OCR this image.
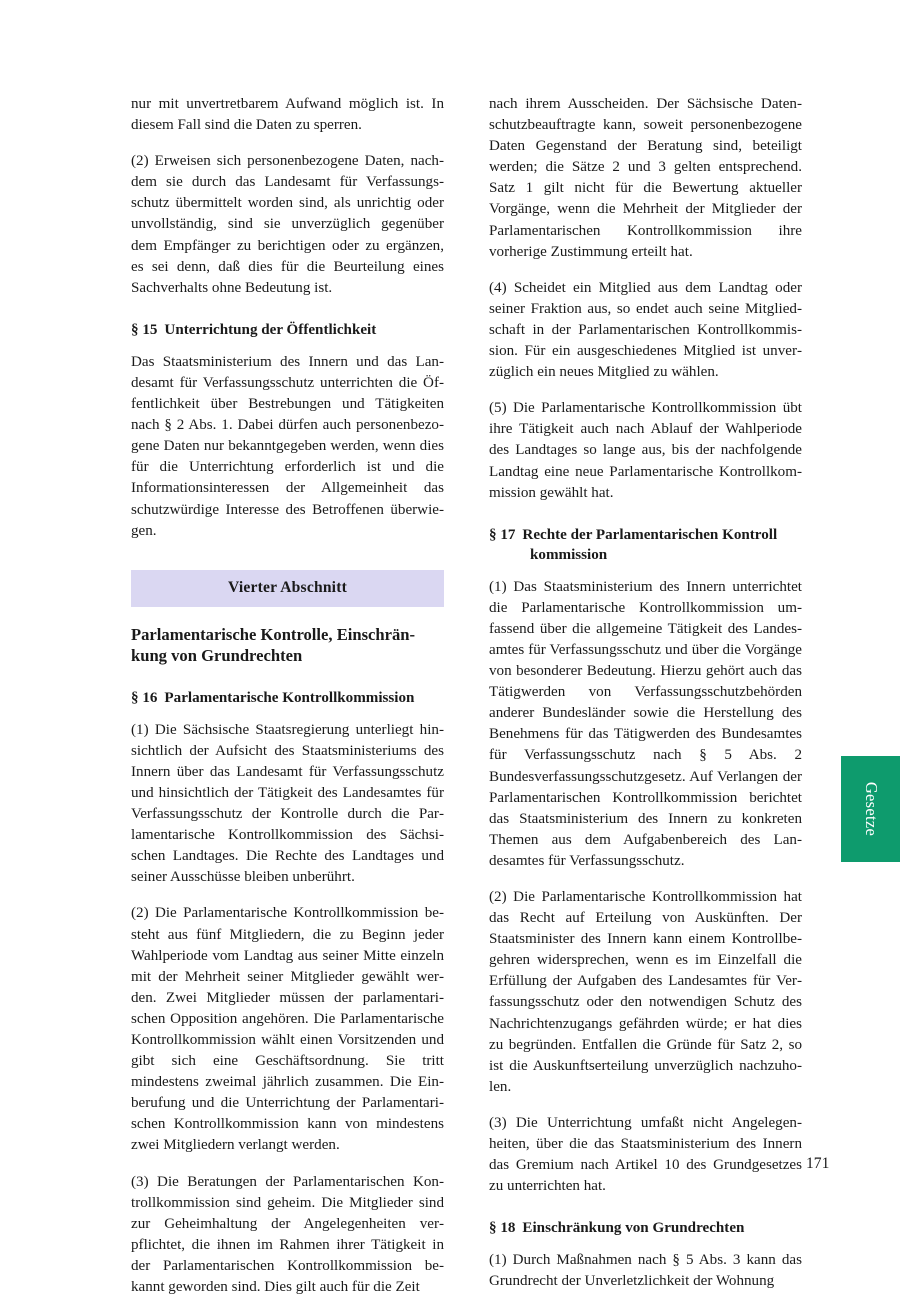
nur mit unvertretbarem Aufwand möglich ist. In diesem Fall sind die Daten zu sperren.

(2) Erweisen sich personenbezogene Daten, nachdem sie durch das Landesamt für Verfassungsschutz übermittelt worden sind, als unrichtig oder unvollständig, sind sie unverzüglich gegenüber dem Empfänger zu berichtigen oder zu ergänzen, es sei denn, daß dies für die Beurteilung eines Sachverhalts ohne Bedeutung ist.

§ 15 Unterrichtung der Öffentlichkeit

Das Staatsministerium des Innern und das Landesamt für Verfassungsschutz unterrichten die Öffentlichkeit über Bestrebungen und Tätigkeiten nach § 2 Abs. 1. Dabei dürfen auch personenbezogene Daten nur bekanntgegeben werden, wenn dies für die Unterrichtung erforderlich ist und die Informationsinteressen der Allgemeinheit das schutzwürdige Interesse des Betroffenen überwiegen.

Vierter Abschnitt
Parlamentarische Kontrolle, Einschränkung von Grundrechten
§ 16 Parlamentarische Kontrollkommission

(1) Die Sächsische Staatsregierung unterliegt hinsichtlich der Aufsicht des Staatsministeriums des Innern über das Landesamt für Verfassungsschutz und hinsichtlich der Tätigkeit des Landesamtes für Verfassungsschutz der Kontrolle durch die Parlamentarische Kontrollkommission des Sächsischen Landtages. Die Rechte des Landtages und seiner Ausschüsse bleiben unberührt.

(2) Die Parlamentarische Kontrollkommission besteht aus fünf Mitgliedern, die zu Beginn jeder Wahlperiode vom Landtag aus seiner Mitte einzeln mit der Mehrheit seiner Mitglieder gewählt werden. Zwei Mitglieder müssen der parlamentarischen Opposition angehören. Die Parlamentarische Kontrollkommission wählt einen Vorsitzenden und gibt sich eine Geschäftsordnung. Sie tritt mindestens zweimal jährlich zusammen. Die Einberufung und die Unterrichtung der Parlamentarischen Kontrollkommission kann von mindestens zwei Mitgliedern verlangt werden.

(3) Die Beratungen der Parlamentarischen Kontrollkommission sind geheim. Die Mitglieder sind zur Geheimhaltung der Angelegenheiten verpflichtet, die ihnen im Rahmen ihrer Tätigkeit in der Parlamentarischen Kontrollkommission bekannt geworden sind. Dies gilt auch für die Zeit

nach ihrem Ausscheiden. Der Sächsische Datenschutzbeauftragte kann, soweit personenbezogene Daten Gegenstand der Beratung sind, beteiligt werden; die Sätze 2 und 3 gelten entsprechend. Satz 1 gilt nicht für die Bewertung aktueller Vorgänge, wenn die Mehrheit der Mitglieder der Parlamentarischen Kontrollkommission ihre vorherige Zustimmung erteilt hat.

(4) Scheidet ein Mitglied aus dem Landtag oder seiner Fraktion aus, so endet auch seine Mitgliedschaft in der Parlamentarischen Kontrollkommission. Für ein ausgeschiedenes Mitglied ist unverzüglich ein neues Mitglied zu wählen.

(5) Die Parlamentarische Kontrollkommission übt ihre Tätigkeit auch nach Ablauf der Wahlperiode des Landtages so lange aus, bis der nachfolgende Landtag eine neue Parlamentarische Kontrollkommission gewählt hat.

§ 17 Rechte der Parlamentarischen Kontroll
kommission

(1) Das Staatsministerium des Innern unterrichtet die Parlamentarische Kontrollkommission umfassend über die allgemeine Tätigkeit des Landesamtes für Verfassungsschutz und über die Vorgänge von besonderer Bedeutung. Hierzu gehört auch das Tätigwerden von Verfassungsschutzbehörden anderer Bundesländer sowie die Herstellung des Benehmens für das Tätigwerden des Bundesamtes für Verfassungsschutz nach § 5 Abs. 2 Bundesverfassungsschutzgesetz. Auf Verlangen der Parlamentarischen Kontrollkommission berichtet das Staatsministerium des Innern zu konkreten Themen aus dem Aufgabenbereich des Landesamtes für Verfassungsschutz.

(2) Die Parlamentarische Kontrollkommission hat das Recht auf Erteilung von Auskünften. Der Staatsminister des Innern kann einem Kontrollbegehren widersprechen, wenn es im Einzelfall die Erfüllung der Aufgaben des Landesamtes für Verfassungsschutz oder den notwendigen Schutz des Nachrichtenzugangs gefährden würde; er hat dies zu begründen. Entfallen die Gründe für Satz 2, so ist die Auskunftserteilung unverzüglich nachzuholen.

(3) Die Unterrichtung umfaßt nicht Angelegenheiten, über die das Staatsministerium des Innern das Gremium nach Artikel 10 des Grundgesetzes zu unterrichten hat.

§ 18 Einschränkung von Grundrechten

(1) Durch Maßnahmen nach § 5 Abs. 3 kann das Grundrecht der Unverletzlichkeit der Wohnung

Gesetze
171
